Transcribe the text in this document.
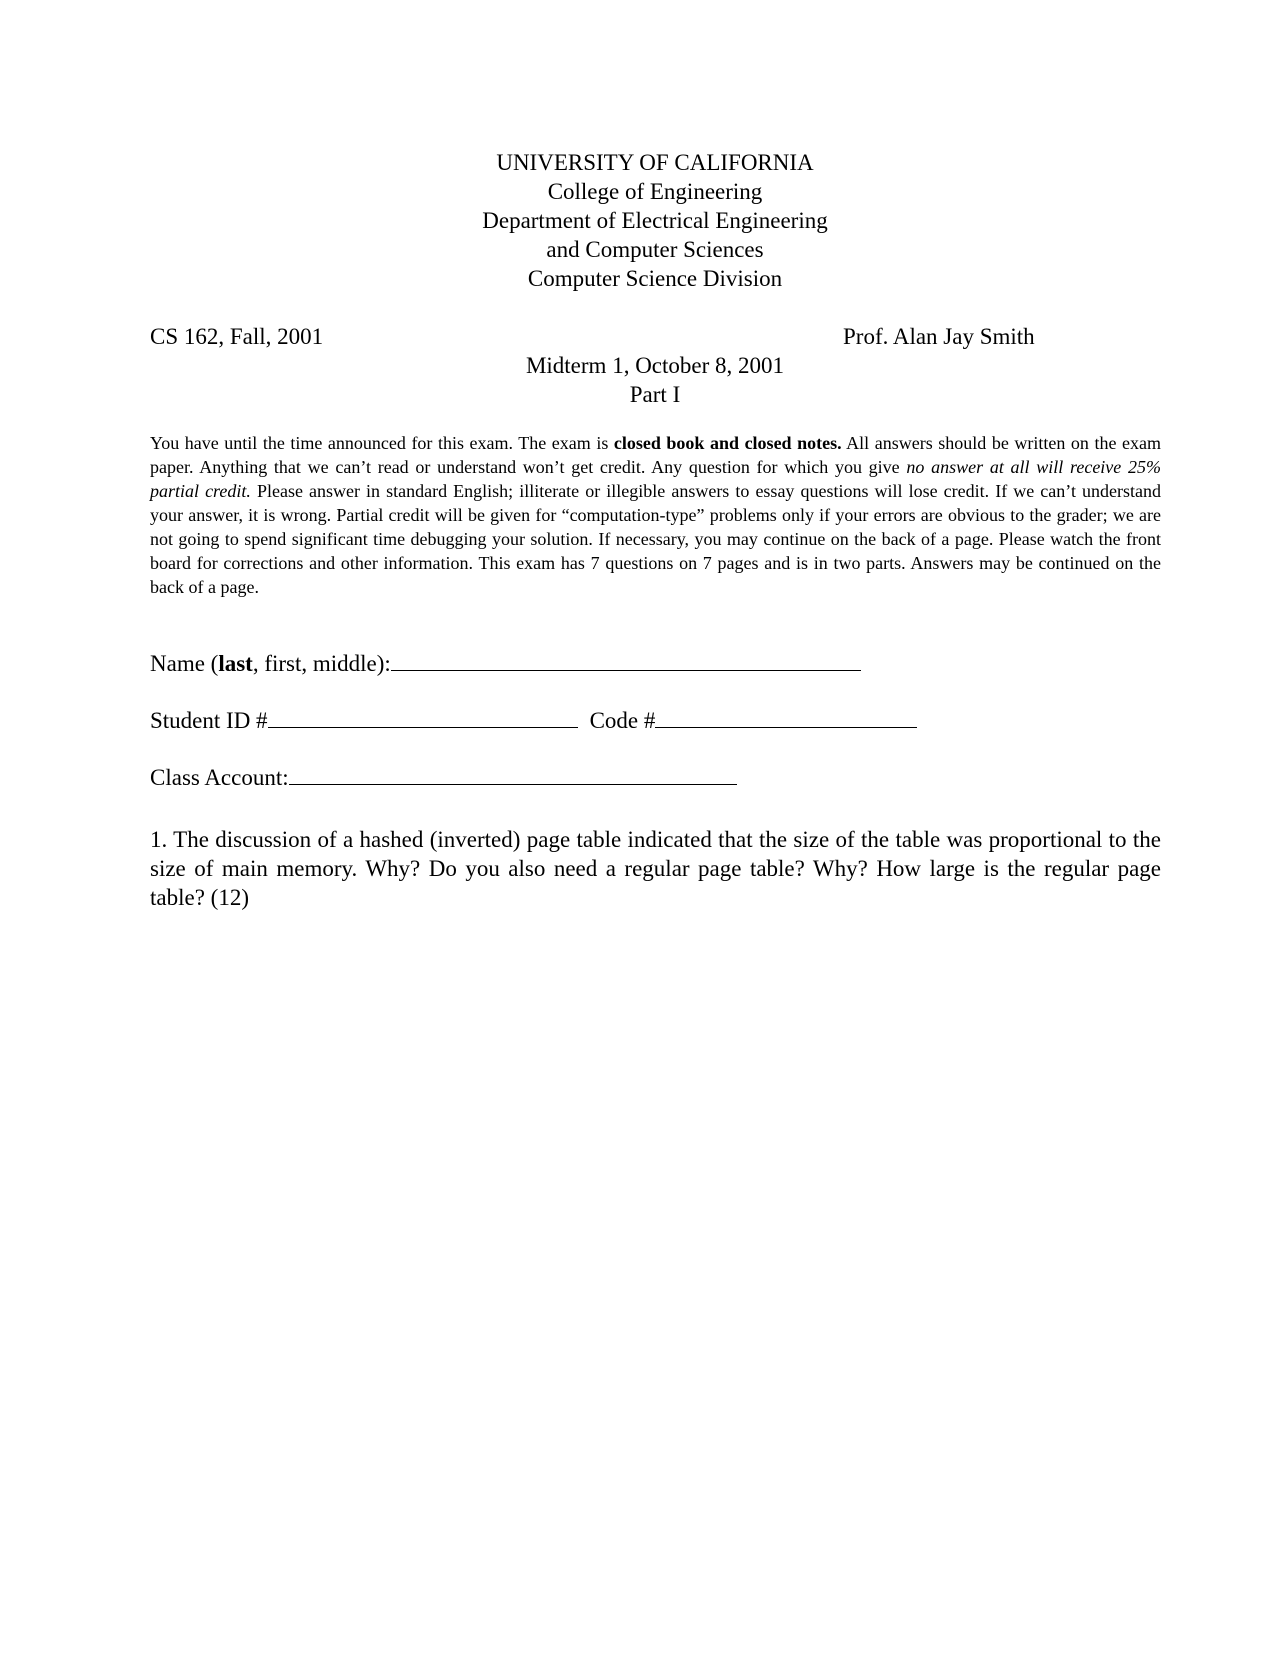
UNIVERSITY OF CALIFORNIA
College of Engineering
Department of Electrical Engineering
and Computer Sciences
Computer Science Division
CS 162, Fall, 2001	Prof. Alan Jay Smith
Midterm 1, October 8, 2001
Part I
You have until the time announced for this exam. The exam is closed book and closed notes. All answers should be written on the exam paper. Anything that we can’t read or understand won’t get credit. Any question for which you give no answer at all will receive 25% partial credit. Please answer in standard English; illiterate or illegible answers to essay questions will lose credit. If we can’t understand your answer, it is wrong. Partial credit will be given for “computation-type” problems only if your errors are obvious to the grader; we are not going to spend significant time debugging your solution. If necessary, you may continue on the back of a page. Please watch the front board for corrections and other information. This exam has 7 questions on 7 pages and is in two parts. Answers may be continued on the back of a page.
Name (last, first, middle):
Student ID #	Code #
Class Account:
1. The discussion of a hashed (inverted) page table indicated that the size of the table was proportional to the size of main memory. Why? Do you also need a regular page table? Why? How large is the regular page table? (12)
